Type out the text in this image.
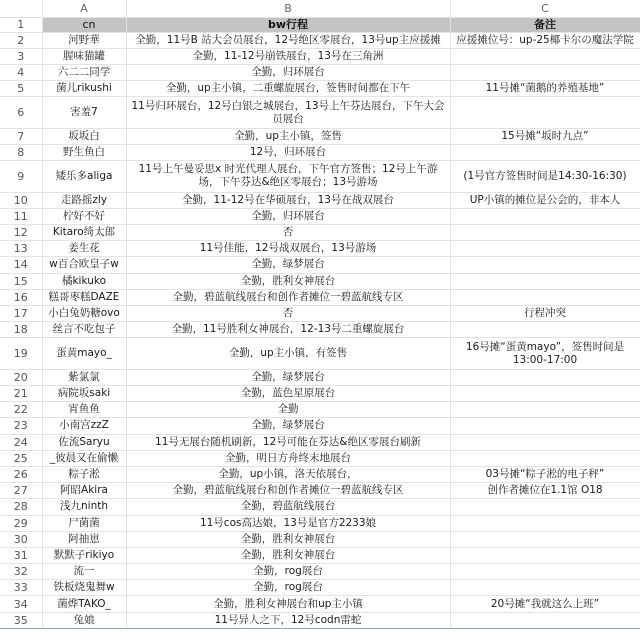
	A	B	C
1	cn	bw行程	备注
2	河野華	全勤，11号B 站大会员展台，12号绝区零展台，13号up主应援摊	应援摊位号：up-25椰卡尔の魔法学院
3	腥味猫罐	全勤，11-12号崩铁展台，13号在三角洲	
4	六二二同学	全勤，归环展台	
5	菌儿rikushi	全勤，up主小镇，二重螺旋展台，签售时间都在下午	11号摊“菌鹅的养殖基地”
6	害羞7	11号归环展台，12号白银之城展台，13号上午芬达展台，下午大会员展台	
7	坂坂白	全勤，up主小镇，签售	15号摊“坂时九点”
8	野生鱼白	12号，归环展台	
9	矮乐多aliga	11号上午曼妥思x 时光代理人展台，下午官方签售；12号上午游场，下午芬达&绝区零展台；13号游场	(1号官方签售时间是14:30-16:30)
10	走路摇zly	全勤，11-12号在华硕展台，13号在战双展台	UP小镇的摊位是公会的，非本人
11	柠好不好	全勤，归环展台	
12	Kitaro绮太郎	否	
13	姜生花	11号佳能，12号战双展台，13号游场	
14	w百合欧皇子w	全勤，绿梦展台	
15	橘kikuko	全勤，胜利女神展台	
16	糕哥枣糕DAZE	全勤，碧蓝航线展台和创作者摊位一碧蓝航线专区	
17	小白兔奶糖ovo	否	行程冲突
18	丝言不吃包子	全勤，11号胜利女神展台，12-13号二重螺旋展台	
19	蛋黄mayo_	全勤，up主小镇，有签售	16号摊“蛋黄mayo”，签售时间是13:00-17:00
20	紫氯氯	全勤，绿梦展台	
21	病院坂saki	全勤，蓝色星原展台	
22	宵鱼鱼	全勤	
23	小南宫zzZ	全勤，绿梦展台	
24	佐流Saryu	11号无展台随机刷新，12号可能在芬达&绝区零展台刷新	
25	_彼晨又在偷懒	全勤，明日方舟终末地展台	
26	粽子淞	全勤，up小镇，洛天依展台，	03号摊“粽子淞的电子秤”
27	阿昭Akira	全勤，碧蓝航线展台和创作者摊位一碧蓝航线专区	创作者摊位在1.1馆 O18
28	浅九ninth	全勤，碧蓝航线展台	
29	尸菌菌	11号cos高达娘，13号是官方2233娘	
30	阿抽崽	全勤，胜利女神展台	
31	默默子rikiyo	全勤，胜利女神展台	
32	流一	全勤，rog展台	
33	铁板烧鬼舞w	全勤，rog展台	
34	菌烨TAKO_	全勤，胜利女神展台和up主小镇	20号摊“我就这么上班”
35	兔娘	11号异人之下，12号codn雷蛇	
